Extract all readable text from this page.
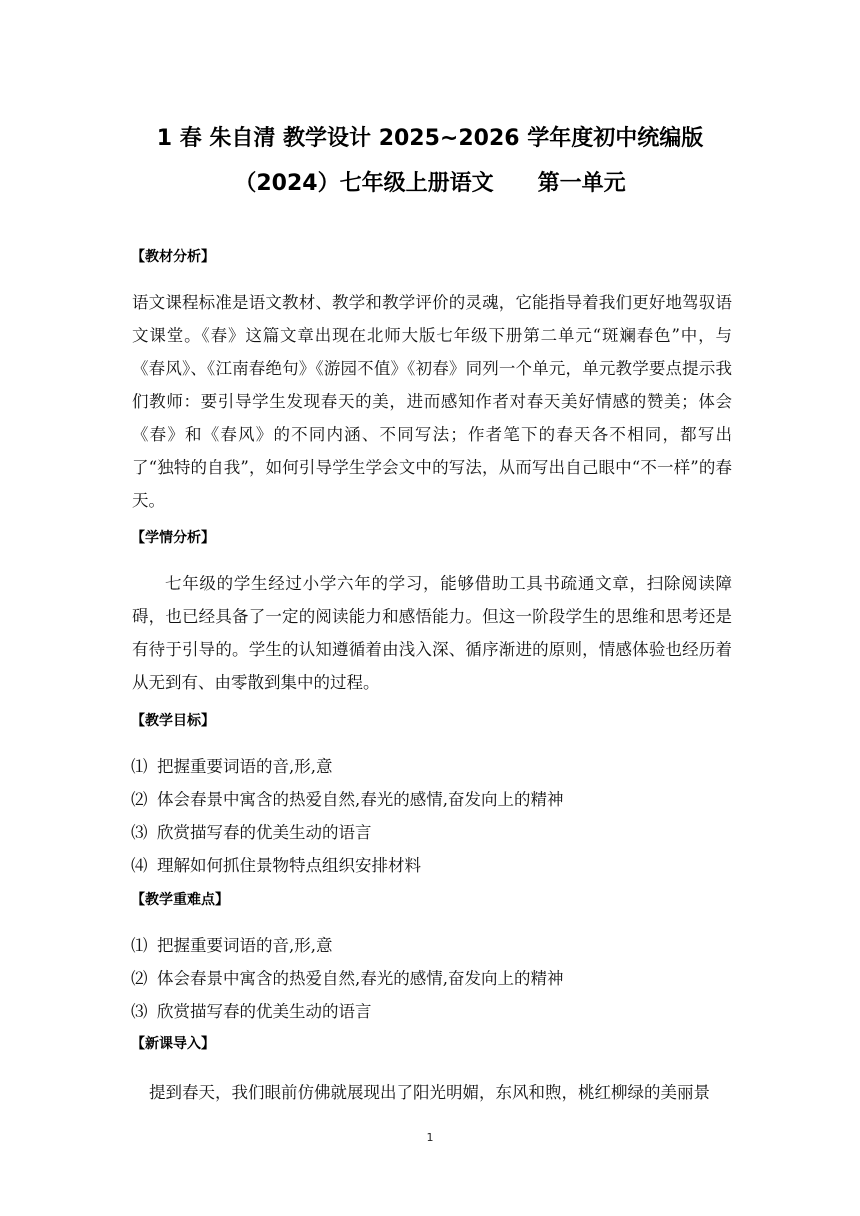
1 春 朱自清 教学设计 2025~2026 学年度初中统编版
（2024）七年级上册语文　　第一单元
【教材分析】

语文课程标准是语文教材、教学和教学评价的灵魂，它能指导着我们更好地驾驭语文课堂。《春》这篇文章出现在北师大版七年级下册第二单元“斑斓春色”中，与《春风》、《江南春绝句》《游园不值》《初春》同列一个单元，单元教学要点提示我们教师：要引导学生发现春天的美，进而感知作者对春天美好情感的赞美；体会《春》和《春风》的不同内涵、不同写法；作者笔下的春天各不相同，都写出了“独特的自我”，如何引导学生学会文中的写法，从而写出自己眼中“不一样”的春天。

【学情分析】

七年级的学生经过小学六年的学习，能够借助工具书疏通文章，扫除阅读障碍，也已经具备了一定的阅读能力和感悟能力。但这一阶段学生的思维和思考还是有待于引导的。学生的认知遵循着由浅入深、循序渐进的原则，情感体验也经历着从无到有、由零散到集中的过程。

【教学目标】
⑴ 把握重要词语的音,形,意
⑵ 体会春景中寓含的热爱自然,春光的感情,奋发向上的精神
⑶ 欣赏描写春的优美生动的语言
⑷ 理解如何抓住景物特点组织安排材料
【教学重难点】
⑴ 把握重要词语的音,形,意
⑵ 体会春景中寓含的热爱自然,春光的感情,奋发向上的精神
⑶ 欣赏描写春的优美生动的语言
【新课导入】

提到春天，我们眼前仿佛就展现出了阳光明媚，东风和煦，桃红柳绿的美丽景

1
